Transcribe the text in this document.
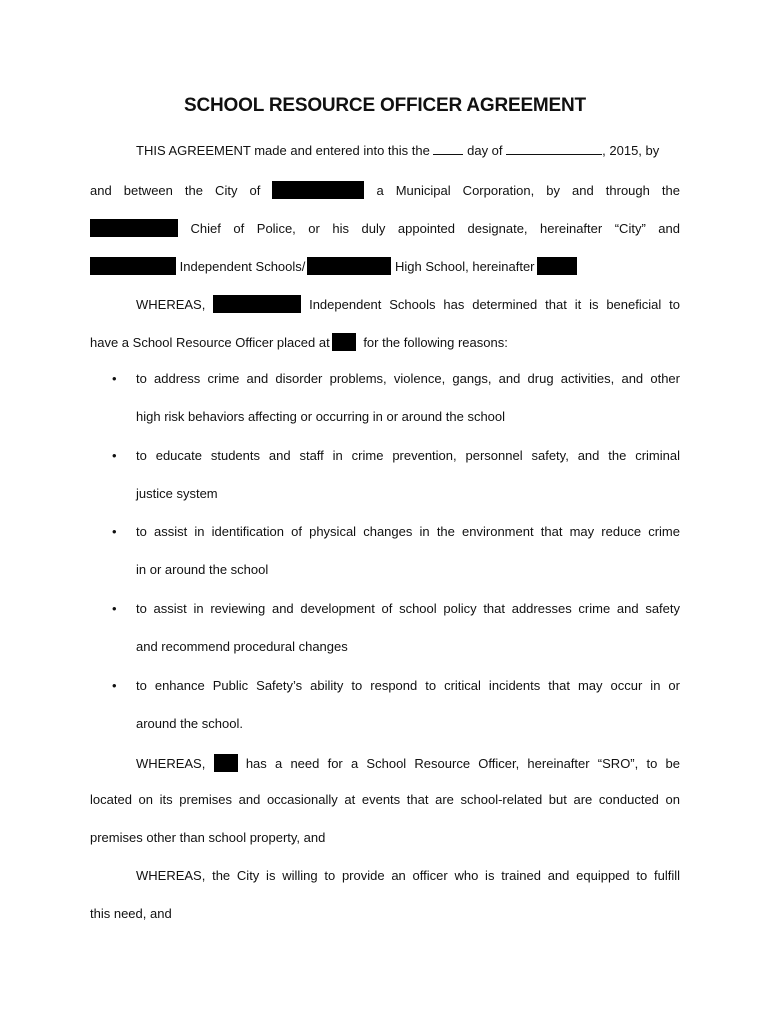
SCHOOL RESOURCE OFFICER AGREEMENT
THIS AGREEMENT made and entered into this the	day of	, 2015, by
and between the City of	a Municipal Corporation, by and through the
Chief of Police, or his duly appointed designate, hereinafter “City” and
Independent Schools/	High School, hereinafter
WHEREAS,	Independent Schools has determined that it is beneficial to
have a School Resource Officer placed at	for the following reasons:
• to address crime and disorder problems, violence, gangs, and drug activities, and other
high risk behaviors affecting or occurring in or around the school
• to educate students and staff in crime prevention, personnel safety, and the criminal
justice system
• to assist in identification of physical changes in the environment that may reduce crime
in or around the school
• to assist in reviewing and development of school policy that addresses crime and safety
and recommend procedural changes
• to enhance Public Safety’s ability to respond to critical incidents that may occur in or
around the school.
WHEREAS,	has a need for a School Resource Officer, hereinafter “SRO”, to be
located on its premises and occasionally at events that are school-related but are conducted on
premises other than school property, and
WHEREAS, the City is willing to provide an officer who is trained and equipped to fulfill
this need, and
